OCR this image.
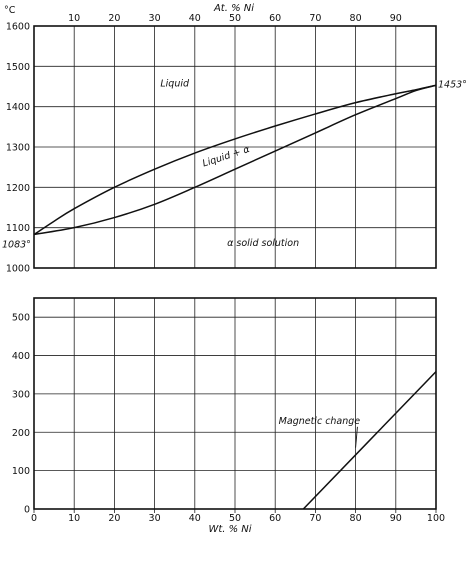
1600
1500
1400
1300
1200
1100
1000
10	20	30	40	50	60	70	80	90
500
400
300
200
100
0
0	10	20	30	40	50	60	70	80	90	100
Liquid
Liquid + α
α solid solution
1083°
1453°
Magnetic change
°C	At. % Ni
Wt. % Ni
